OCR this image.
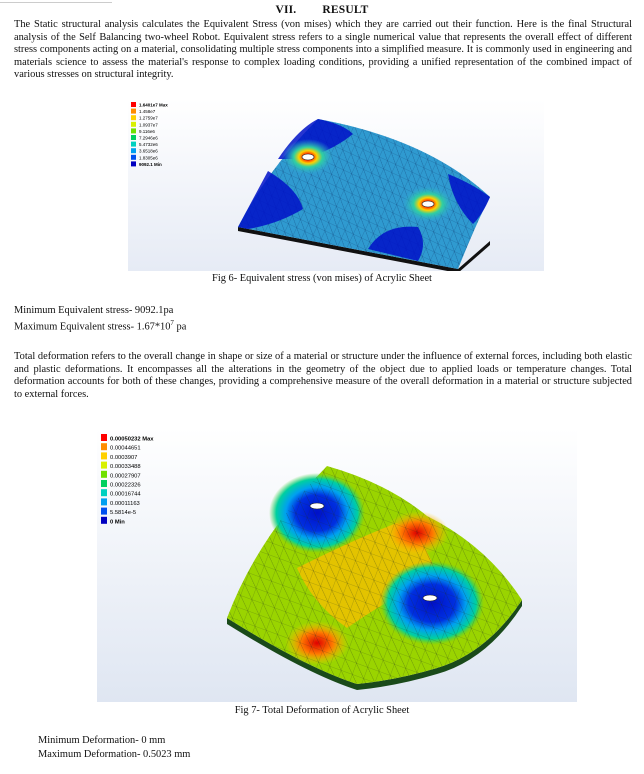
VII. RESULT

The Static structural analysis calculates the Equivalent Stress (von mises) which they are carried out their function. Here is the final Structural analysis of the Self Balancing two-wheel Robot. Equivalent stress refers to a single numerical value that represents the overall effect of different stress components acting on a material, consolidating multiple stress components into a simplified measure. It is commonly used in engineering and materials science to assess the material's response to complex loading conditions, providing a unified representation of the combined impact of various stresses on structural integrity.

1.6401e7 Max
1.458e7
1.2759e7
1.0937e7
9.116e6
7.2946e6
5.4732e6
3.6518e6
1.8305e6
9092.1 Min
Fig 6- Equivalent stress (von mises) of Acrylic Sheet
Minimum Equivalent stress- 9092.1pa
Maximum Equivalent stress- $1.67*10^7$ pa

Total deformation refers to the overall change in shape or size of a material or structure under the influence of external forces, including both elastic and plastic deformations. It encompasses all the alterations in the geometry of the object due to applied loads or temperature changes. Total deformation accounts for both of these changes, providing a comprehensive measure of the overall deformation in a material or structure subjected to external forces.

0.00050232 Max
0.00044651
0.0003907
0.00033488
0.00027907
0.00022326
0.00016744
0.00011163
5.5814e-5
0 Min
Fig 7- Total Deformation of Acrylic Sheet
Minimum Deformation- 0 mm
Maximum Deformation- 0.5023 mm
